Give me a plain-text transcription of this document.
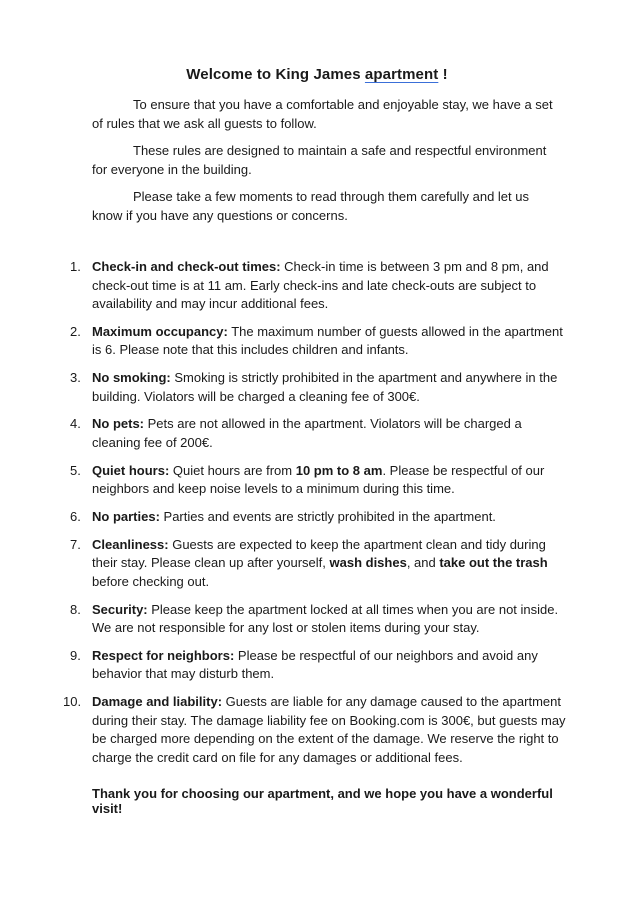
Welcome to King James apartment !

To ensure that you have a comfortable and enjoyable stay, we have a set of rules that we ask all guests to follow.

These rules are designed to maintain a safe and respectful environment for everyone in the building.

Please take a few moments to read through them carefully and let us know if you have any questions or concerns.

1. Check-in and check-out times: Check-in time is between 3 pm and 8 pm, and check-out time is at 11 am. Early check-ins and late check-outs are subject to availability and may incur additional fees.
2. Maximum occupancy: The maximum number of guests allowed in the apartment is 6. Please note that this includes children and infants.
3. No smoking: Smoking is strictly prohibited in the apartment and anywhere in the building. Violators will be charged a cleaning fee of 300€.
4. No pets: Pets are not allowed in the apartment. Violators will be charged a cleaning fee of 200€.
5. Quiet hours: Quiet hours are from 10 pm to 8 am. Please be respectful of our neighbors and keep noise levels to a minimum during this time.
6. No parties: Parties and events are strictly prohibited in the apartment.
7. Cleanliness: Guests are expected to keep the apartment clean and tidy during their stay. Please clean up after yourself, wash dishes, and take out the trash before checking out.
8. Security: Please keep the apartment locked at all times when you are not inside. We are not responsible for any lost or stolen items during your stay.
9. Respect for neighbors: Please be respectful of our neighbors and avoid any behavior that may disturb them.
10. Damage and liability: Guests are liable for any damage caused to the apartment during their stay. The damage liability fee on Booking.com is 300€, but guests may be charged more depending on the extent of the damage. We reserve the right to charge the credit card on file for any damages or additional fees.

Thank you for choosing our apartment, and we hope you have a wonderful visit!
